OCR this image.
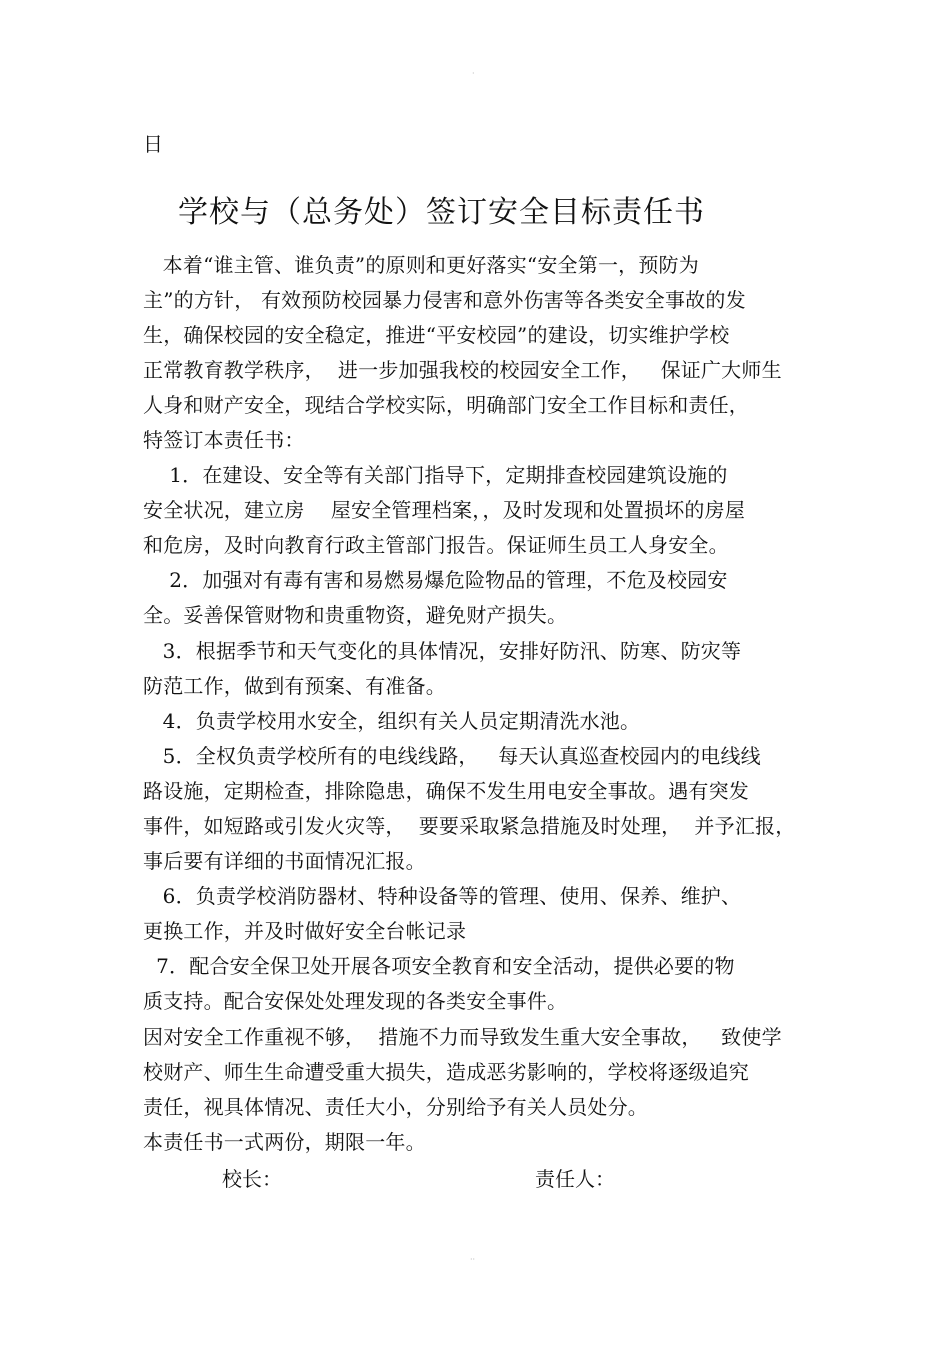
·
日
学校与（总务处）签订安全目标责任书
本着“谁主管、谁负责”的原则和更好落实“安全第一，预防为
主”的方针， 有效预防校园暴力侵害和意外伤害等各类安全事故的发
生，确保校园的安全稳定，推进“平安校园”的建设，切实维护学校
正常教育教学秩序，  进一步加强我校的校园安全工作，   保证广大师生
人身和财产安全，现结合学校实际，明确部门安全工作目标和责任，
特签订本责任书：
1．在建设、安全等有关部门指导下，定期排查校园建筑设施的
安全状况，建立房    屋安全管理档案，，及时发现和处置损坏的房屋
和危房，及时向教育行政主管部门报告。保证师生员工人身安全。
2．加强对有毒有害和易燃易爆危险物品的管理，不危及校园安
全。妥善保管财物和贵重物资，避免财产损失。
3．根据季节和天气变化的具体情况，安排好防汛、防寒、防灾等
防范工作，做到有预案、有准备。
4．负责学校用水安全，组织有关人员定期清洗水池。
5．全权负责学校所有的电线线路，   每天认真巡查校园内的电线线
路设施，定期检查，排除隐患，确保不发生用电安全事故。遇有突发
事件，如短路或引发火灾等，  要要采取紧急措施及时处理，  并予汇报，
事后要有详细的书面情况汇报。
6．负责学校消防器材、特种设备等的管理、使用、保养、维护、
更换工作，并及时做好安全台帐记录
7．配合安全保卫处开展各项安全教育和安全活动，提供必要的物
质支持。配合安保处处理发现的各类安全事件。
因对安全工作重视不够，  措施不力而导致发生重大安全事故，   致使学
校财产、师生生命遭受重大损失，造成恶劣影响的，学校将逐级追究
责任，视具体情况、责任大小，分别给予有关人员处分。
本责任书一式两份，期限一年。
校长：	责任人：
··
